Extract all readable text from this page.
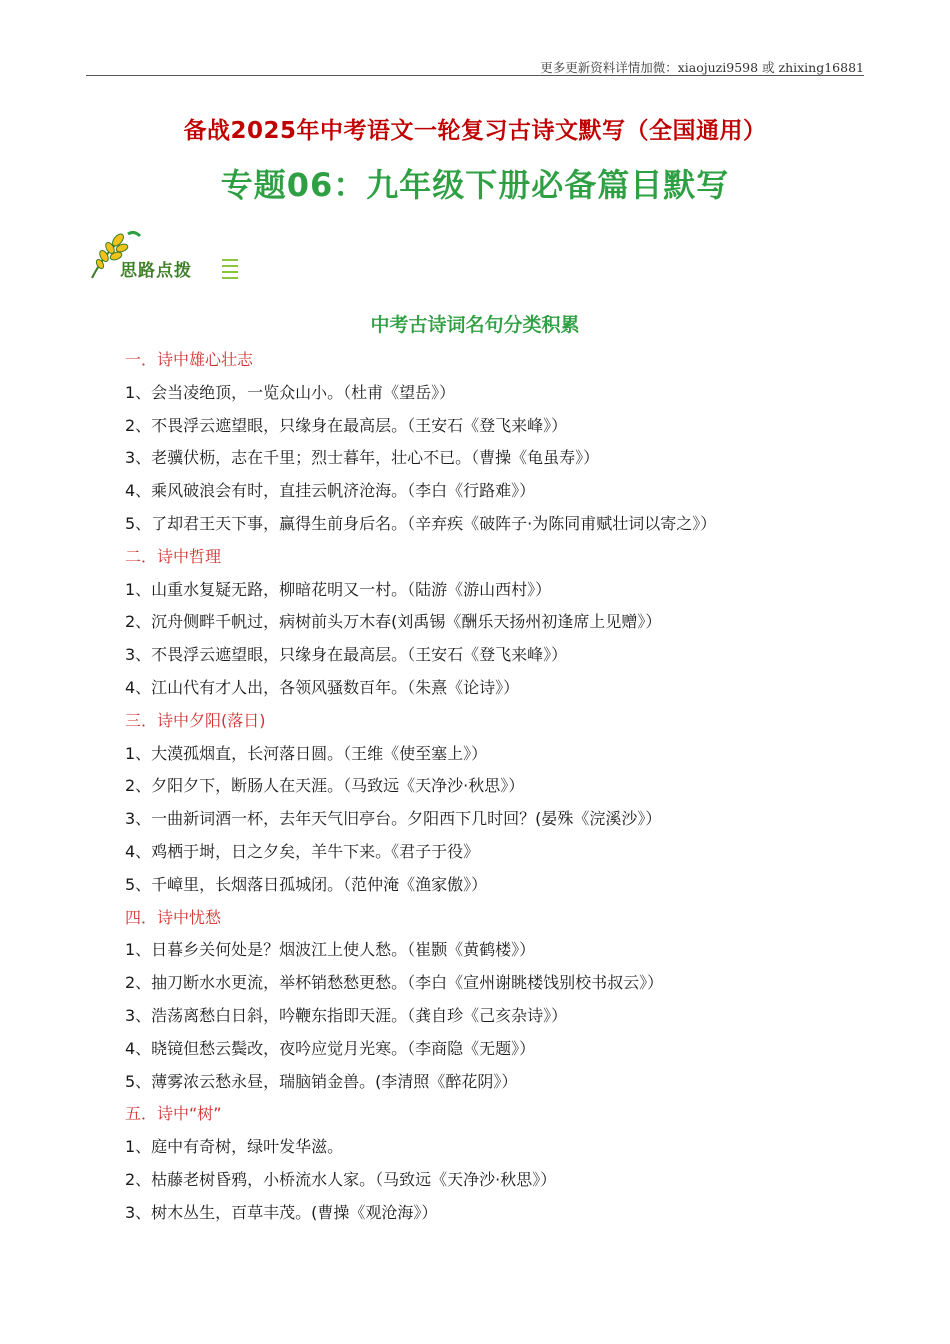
更多更新资料详情加微：xiaojuzi9598 或 zhixing16881
备战2025年中考语文一轮复习古诗文默写（全国通用）
专题06：九年级下册必备篇目默写
思路点拨
中考古诗词名句分类积累
一．诗中雄心壮志
1、会当凌绝顶，一览众山小。（杜甫《望岳》）
2、不畏浮云遮望眼，只缘身在最高层。（王安石《登飞来峰》）
3、老骥伏枥，志在千里；烈士暮年，壮心不已。（曹操《龟虽寿》）
4、乘风破浪会有时，直挂云帆济沧海。（李白《行路难》）
5、了却君王天下事，赢得生前身后名。（辛弃疾《破阵子·为陈同甫赋壮词以寄之》）
二．诗中哲理
1、山重水复疑无路，柳暗花明又一村。（陆游《游山西村》）
2、沉舟侧畔千帆过，病树前头万木春(刘禹锡《酬乐天扬州初逢席上见赠》）
3、不畏浮云遮望眼，只缘身在最高层。（王安石《登飞来峰》）
4、江山代有才人出，各领风骚数百年。（朱熹《论诗》）
三．诗中夕阳(落日)
1、大漠孤烟直，长河落日圆。（王维《使至塞上》）
2、夕阳夕下，断肠人在天涯。（马致远《天净沙·秋思》）
3、一曲新词酒一杯，去年天气旧亭台。夕阳西下几时回？(晏殊《浣溪沙》）
4、鸡栖于埘，日之夕矣，羊牛下来。《君子于役》
5、千嶂里，长烟落日孤城闭。（范仲淹《渔家傲》）
四．诗中忧愁
1、日暮乡关何处是？烟波江上使人愁。（崔颢《黄鹤楼》）
2、抽刀断水水更流，举杯销愁愁更愁。（李白《宣州谢眺楼饯别校书叔云》）
3、浩荡离愁白日斜，吟鞭东指即天涯。（龚自珍《己亥杂诗》）
4、晓镜但愁云鬓改，夜吟应觉月光寒。（李商隐《无题》）
5、薄雾浓云愁永昼，瑞脑销金兽。(李清照《醉花阴》）
五．诗中“树”
1、庭中有奇树，绿叶发华滋。
2、枯藤老树昏鸦，小桥流水人家。（马致远《天净沙·秋思》）
3、树木丛生，百草丰茂。(曹操《观沧海》）
